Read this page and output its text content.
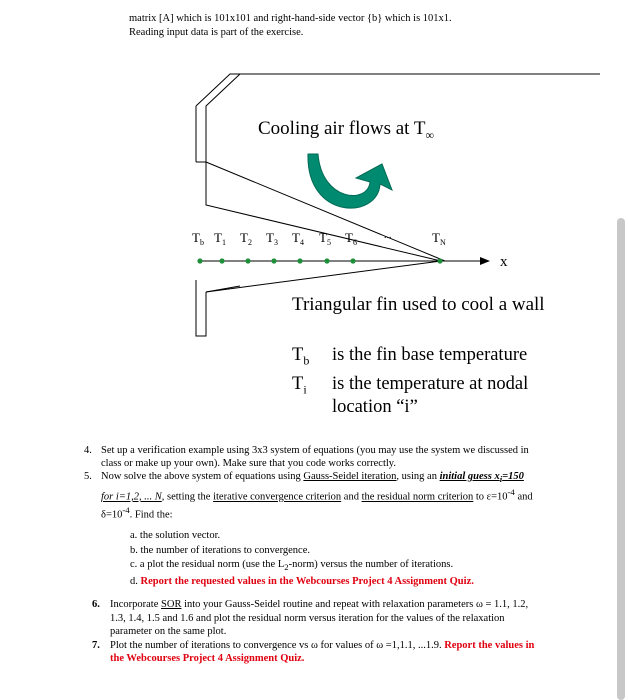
matrix [A] which is 101x101 and right-hand-side vector {b} which is 101x1.
Reading input data is part of the exercise.
Cooling air flows at $T_\infty$
$T_b$ $T_1$ $T_2$ $T_3$ $T_4$ $T_5$ $T_6$
...	$T_N$
x
Triangular fin used to cool a wall
$T_b$	is the fin base temperature
$T_i$	is the temperature at nodal location “i”
4. Set up a verification example using 3x3 system of equations (you may use the system we discussed in class or make up your own). Make sure that you code works correctly.
5. Now solve the above system of equations using Gauss-Seidel iteration, using an initial guess $x_i=150$ for i=1,2, ... N, setting the iterative convergence criterion and the residual norm criterion to $\varepsilon=10^{-4}$ and $\delta=10^{-4}$. Find the:
a. the solution vector.
b. the number of iterations to convergence.
c. a plot the residual norm (use the $L_2-norm$) versus the number of iterations.
d. Report the requested values in the Webcourses Project 4 Assignment Quiz.
6. Incorporate SOR into your Gauss-Seidel routine and repeat with relaxation parameters ω = 1.1, 1.2, 1.3, 1.4, 1.5 and 1.6 and plot the residual norm versus iteration for the values of the relaxation parameter on the same plot.
7. Plot the number of iterations to convergence vs ω for values of ω =1,1.1, ...1.9. Report the values in the Webcourses Project 4 Assignment Quiz.
